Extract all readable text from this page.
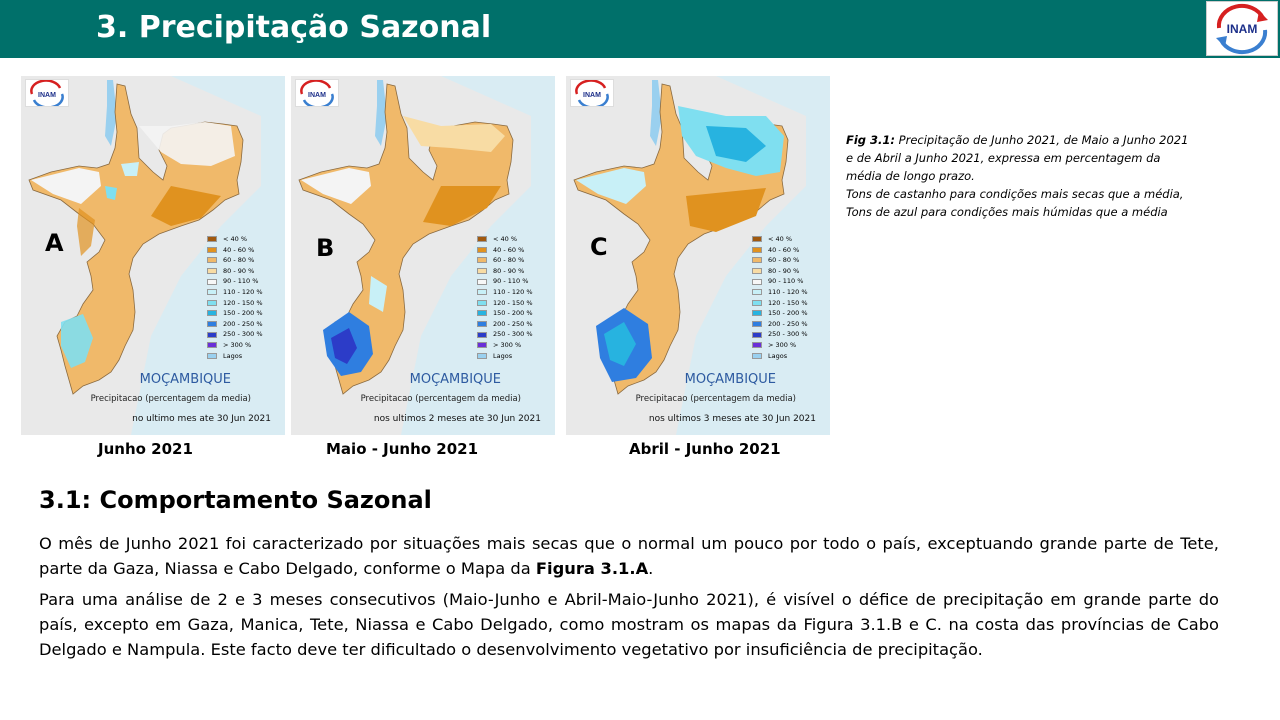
3. Precipitação Sazonal	INAM
INAM
A	< 40 %
40 - 60 %
60 - 80 %
80 - 90 %
90 - 110 %
110 - 120 %
120 - 150 %
150 - 200 %
200 - 250 %
250 - 300 %
> 300 %
Lagos
MOÇAMBIQUE
Precipitacao (percentagem da media)
no ultimo mes ate 30 Jun 2021
INAM
B	< 40 %
40 - 60 %
60 - 80 %
80 - 90 %
90 - 110 %
110 - 120 %
120 - 150 %
150 - 200 %
200 - 250 %
250 - 300 %
> 300 %
Lagos
MOÇAMBIQUE
Precipitacao (percentagem da media)
nos ultimos 2 meses ate 30 Jun 2021
INAM
C	< 40 %
40 - 60 %
60 - 80 %
80 - 90 %
90 - 110 %
110 - 120 %
120 - 150 %
150 - 200 %
200 - 250 %
250 - 300 %
> 300 %
Lagos
MOÇAMBIQUE
Precipitacao (percentagem da media)
nos ultimos 3 meses ate 30 Jun 2021
Junho 2021	Maio - Junho 2021	Abril - Junho 2021
Fig 3.1: Precipitação de Junho 2021, de Maio a Junho 2021
e de Abril a Junho 2021, expressa em percentagem da
média de longo prazo.
Tons de castanho para condições mais secas que a média,
Tons de azul para condições mais húmidas que a média
3.1: Comportamento Sazonal
O mês de Junho 2021 foi caracterizado por situações mais secas que o normal um pouco por todo o país, exceptuando grande parte de Tete, parte da Gaza, Niassa e Cabo Delgado, conforme o Mapa da Figura 3.1.A.
Para uma análise de 2 e 3 meses consecutivos (Maio-Junho e Abril-Maio-Junho 2021), é visível o défice de precipitação em grande parte do país, excepto em Gaza, Manica, Tete, Niassa e Cabo Delgado, como mostram os mapas da Figura 3.1.B e C. na costa das províncias de Cabo Delgado e Nampula. Este facto deve ter dificultado o desenvolvimento vegetativo por insuficiência de precipitação.
